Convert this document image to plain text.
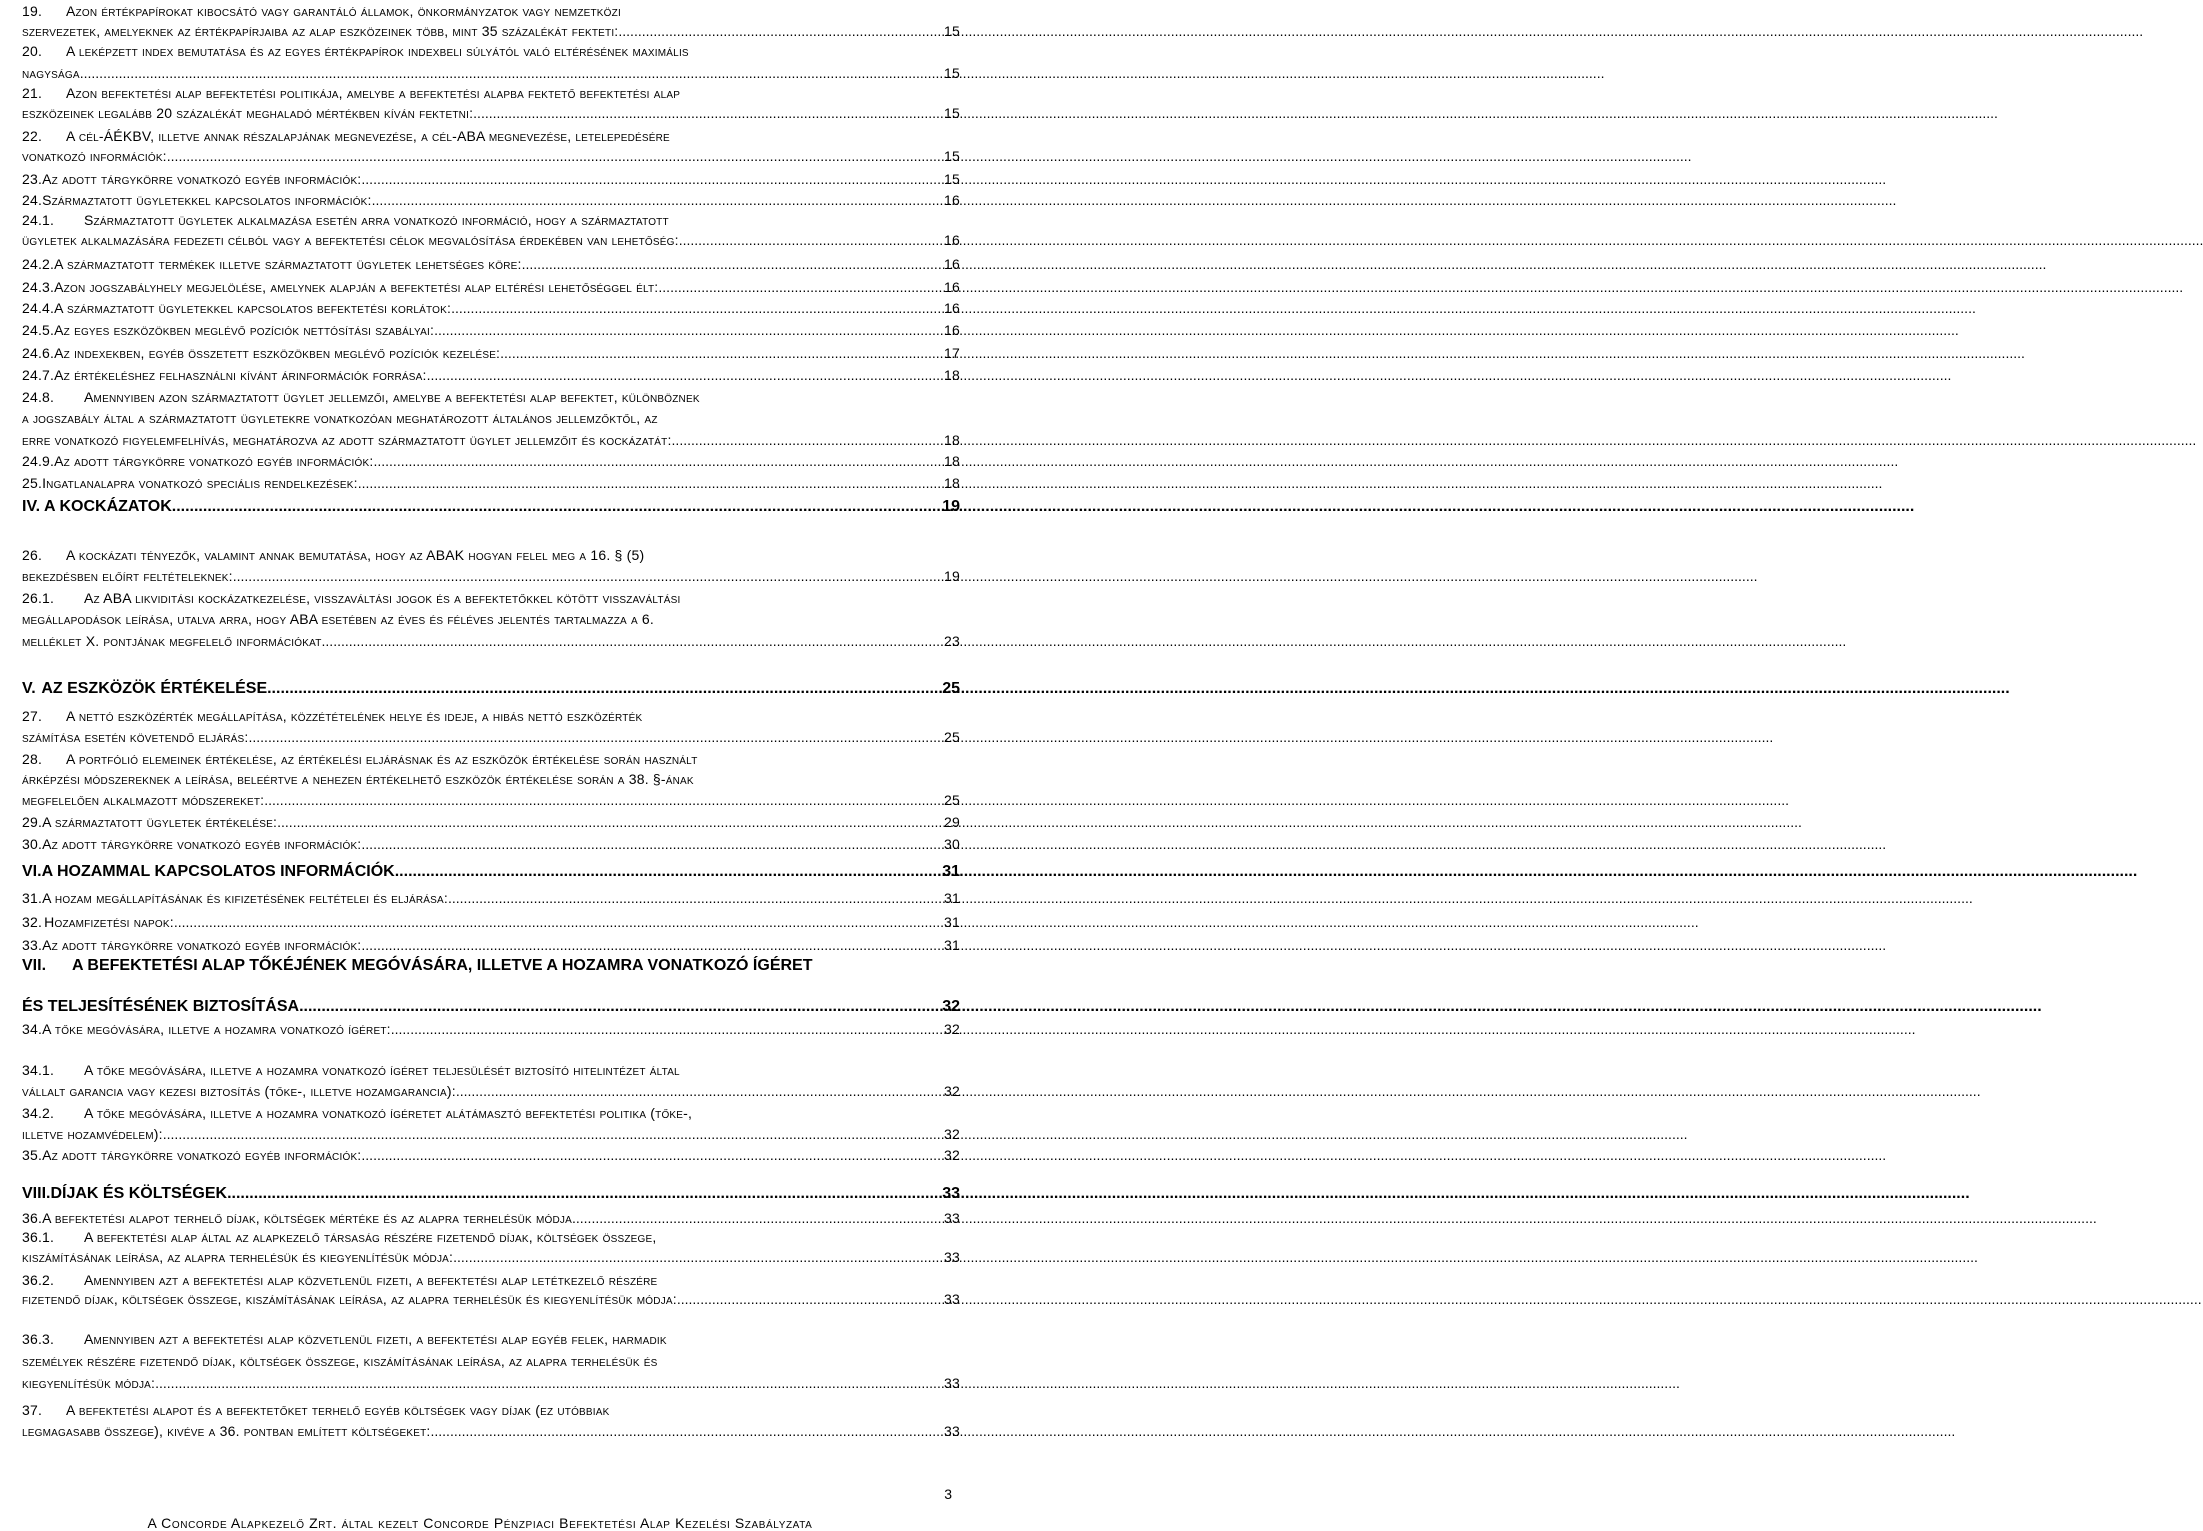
19. Azon értékpapírokat kibocsátó vagy garantáló államok, önkormányzatok vagy nemzetközi
szervezetek, amelyeknek az értékpapírjaiba az alap eszközeinek több, mint 35 százalékát fekteti: .....	15
20. A leképzett index bemutatása és az egyes értékpapírok indexbeli súlyától való eltérésének maximális
nagysága .....	15
21. Azon befektetési alap befektetési politikája, amelybe a befektetési alapba fektető befektetési alap
eszközeinek legalább 20 százalékát meghaladó mértékben kíván fektetni: .....	15
22. A cél-ÁÉKBV, illetve annak részalapjának megnevezése, a cél-ABA megnevezése, letelepedésére
vonatkozó információk: .....	15
23. Az adott tárgykörre vonatkozó egyéb információk: .....	15
24. Származtatott ügyletekkel kapcsolatos információk: .....	16
24.1. Származtatott ügyletek alkalmazása esetén arra vonatkozó információ, hogy a származtatott
ügyletek alkalmazására fedezeti célból vagy a befektetési célok megvalósítása érdekében van lehetőség: .....	16
24.2. A származtatott termékek illetve származtatott ügyletek lehetséges köre: .....	16
24.3. Azon jogszabályhely megjelölése, amelynek alapján a befektetési alap eltérési lehetőséggel élt: .....	16
24.4. A származtatott ügyletekkel kapcsolatos befektetési korlátok: .....	16
24.5. Az egyes eszközökben meglévő pozíciók nettósítási szabályai: .....	16
24.6. Az indexekben, egyéb összetett eszközökben meglévő pozíciók kezelése: .....	17
24.7. Az értékeléshez felhasználni kívánt árinformációk forrása: .....	18
24.8. Amennyiben azon származtatott ügylet jellemzői, amelybe a befektetési alap befektet, különböznek
a jogszabály által a származtatott ügyletekre vonatkozóan meghatározott általános jellemzőktől, az
erre vonatkozó figyelemfelhívás, meghatározva az adott származtatott ügylet jellemzőit és kockázatát: .....	18
24.9. Az adott tárgykörre vonatkozó egyéb információk: .....	18
25. Ingatlanalapra vonatkozó speciális rendelkezések: .....	18
IV. A KOCKÁZATOK .....	19
26. A kockázati tényezők, valamint annak bemutatása, hogy az ABAK hogyan felel meg a 16. § (5)
bekezdésben előírt feltételeknek: .....	19
26.1. Az ABA likviditási kockázatkezelése, visszaváltási jogok és a befektetőkkel kötött visszaváltási
megállapodások leírása, utalva arra, hogy ABA esetében az éves és féléves jelentés tartalmazza a 6.
melléklet X. pontjának megfelelő információkat .....	23
V. AZ ESZKÖZÖK ÉRTÉKELÉSE .....	25
27. A nettó eszközérték megállapítása, közzétételének helye és ideje, a hibás nettó eszközérték
számítása esetén követendő eljárás: .....	25
28. A portfólió elemeinek értékelése, az értékelési eljárásnak és az eszközök értékelése során használt
árképzési módszereknek a leírása, beleértve a nehezen értékelhető eszközök értékelése során a 38. §-ának
megfelelően alkalmazott módszereket: .....	25
29. A származtatott ügyletek értékelése: .....	29
30. Az adott tárgykörre vonatkozó egyéb információk: .....	30
VI. A HOZAMMAL KAPCSOLATOS INFORMÁCIÓK .....	31
31. A hozam megállapításának és kifizetésének feltételei és eljárása: .....	31
32. Hozamfizetési napok: .....	31
33. Az adott tárgykörre vonatkozó egyéb információk: .....	31
VII. A BEFEKTETÉSI ALAP TŐKÉJÉNEK MEGÓVÁSÁRA, ILLETVE A HOZAMRA VONATKOZÓ ÍGÉRET
ÉS TELJESÍTÉSÉNEK BIZTOSÍTÁSA .....	32
34. A tőke megóvására, illetve a hozamra vonatkozó ígéret: .....	32
34.1. A tőke megóvására, illetve a hozamra vonatkozó ígéret teljesülését biztosító hitelintézet által
vállalt garancia vagy kezesi biztosítás (tőke-, illetve hozamgarancia): .....	32
34.2. A tőke megóvására, illetve a hozamra vonatkozó ígéretet alátámasztó befektetési politika (tőke-,
illetve hozamvédelem): .....	32
35. Az adott tárgykörre vonatkozó egyéb információk: .....	32
VIII. DÍJAK ÉS KÖLTSÉGEK .....	33
36. A befektetési alapot terhelő díjak, költségek mértéke és az alapra terhelésük módja .....	33
36.1. A befektetési alap által az alapkezelő társaság részére fizetendő díjak, költségek összege,
kiszámításának leírása, az alapra terhelésük és kiegyenlítésük módja: .....	33
36.2. Amennyiben azt a befektetési alap közvetlenül fizeti, a befektetési alap letétkezelő részére
fizetendő díjak, költségek összege, kiszámításának leírása, az alapra terhelésük és kiegyenlítésük módja: .....	33
36.3. Amennyiben azt a befektetési alap közvetlenül fizeti, a befektetési alap egyéb felek, harmadik
személyek részére fizetendő díjak, költségek összege, kiszámításának leírása, az alapra terhelésük és
kiegyenlítésük módja: .....	33
37. A befektetési alapot és a befektetőket terhelő egyéb költségek vagy díjak (ez utóbbiak
legmagasabb összege), kivéve a 36. pontban említett költségeket: .....	33
3
A Concorde Alapkezelő Zrt. által kezelt Concorde Pénzpiaci Befektetési Alap Kezelési Szabályzata
